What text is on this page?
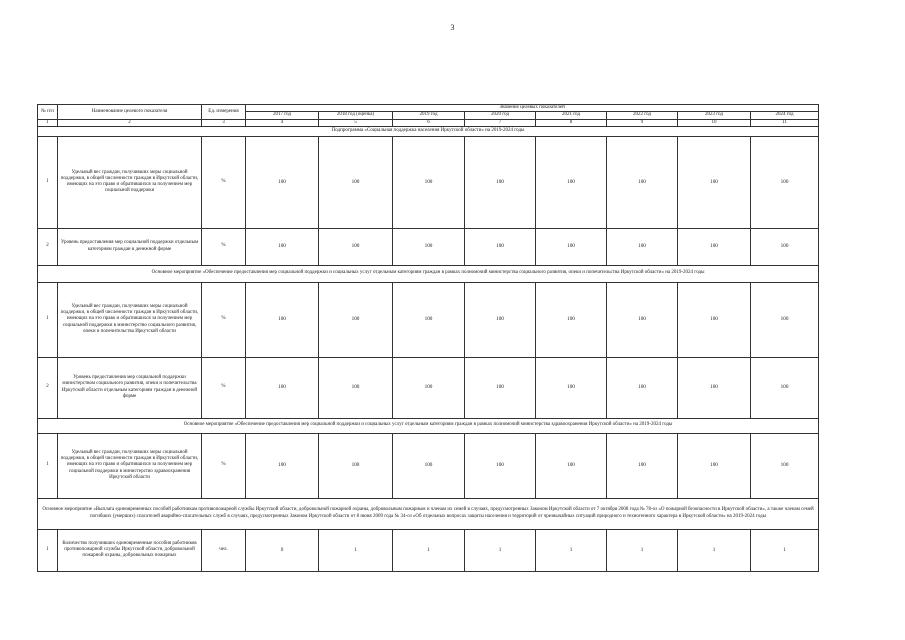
3
№ п/п	Наименование целевого показателя	Ед. измерения	Значение целевых показателей							
			2017 год	2018 год (оценка)	2019 год	2020 год	2021 год	2022 год	2023 год	2024 год
1	2	3	4	5	6	7	8	9	10	11
Подпрограмма «Социальная поддержка населения Иркутской области» на 2019-2024 годы										
1	Удельный вес граждан, получивших меры социальной поддержки, в общей численности граждан в Иркутской области, имеющих на это право и обратившихся за получением мер социальной поддержки	%	100	100	100	100	100	100	100	100
2	Уровень предоставления мер социальной поддержки отдельным категориям граждан в денежной форме	%	100	100	100	100	100	100	100	100
Основное мероприятие «Обеспечение предоставления мер социальной поддержки и социальных услуг отдельным категориям граждан в рамках полномочий министерства социального развития, опеки и попечительства Иркутской области» на 2019-2024 годы										
1	Удельный вес граждан, получивших меры социальной поддержки, в общей численности граждан в Иркутской области, имеющих на это право и обратившихся за получением мер социальной поддержки в министерство социального развития, опеки и попечительства Иркутской области	%	100	100	100	100	100	100	100	100
2	Уровень предоставления мер социальной поддержки министерством социального развития, опеки и попечительства Иркутской области отдельным категориям граждан в денежной форме	%	100	100	100	100	100	100	100	100
Основное мероприятие «Обеспечение предоставления мер социальной поддержки и социальных услуг отдельным категориям граждан в рамках полномочий министерства здравоохранения Иркутской области» на 2019-2024 годы										
1	Удельный вес граждан, получивших меры социальной поддержки, в общей численности граждан в Иркутской области, имеющих на это право и обратившихся за получением мер социальной поддержки в министерство здравоохранения Иркутской области	%	100	100	100	100	100	100	100	100
Основное мероприятие «Выплата единовременных пособий работникам противопожарной службы Иркутской области, добровольной пожарной охраны, добровольным пожарным и членам их семей в случаях, предусмотренных Законом Иркутской области от 7 октября 2008 года № 78-оз «О пожарной безопасности в Иркутской области», а также членам семей погибших (умерших) спасателей аварийно-спасательных служб в случаях, предусмотренных Законом Иркутской области от 8 июня 2009 года № 34-оз «Об отдельных вопросах защиты населения и территорий от чрезвычайных ситуаций природного и техногенного характера в Иркутской области» на 2019-2024 годы										
1	Количество получивших единовременные пособия работников противопожарной службы Иркутской области, добровольной пожарной охраны, добровольных пожарных	чел.	0	1	1	1	1	1	1	1
